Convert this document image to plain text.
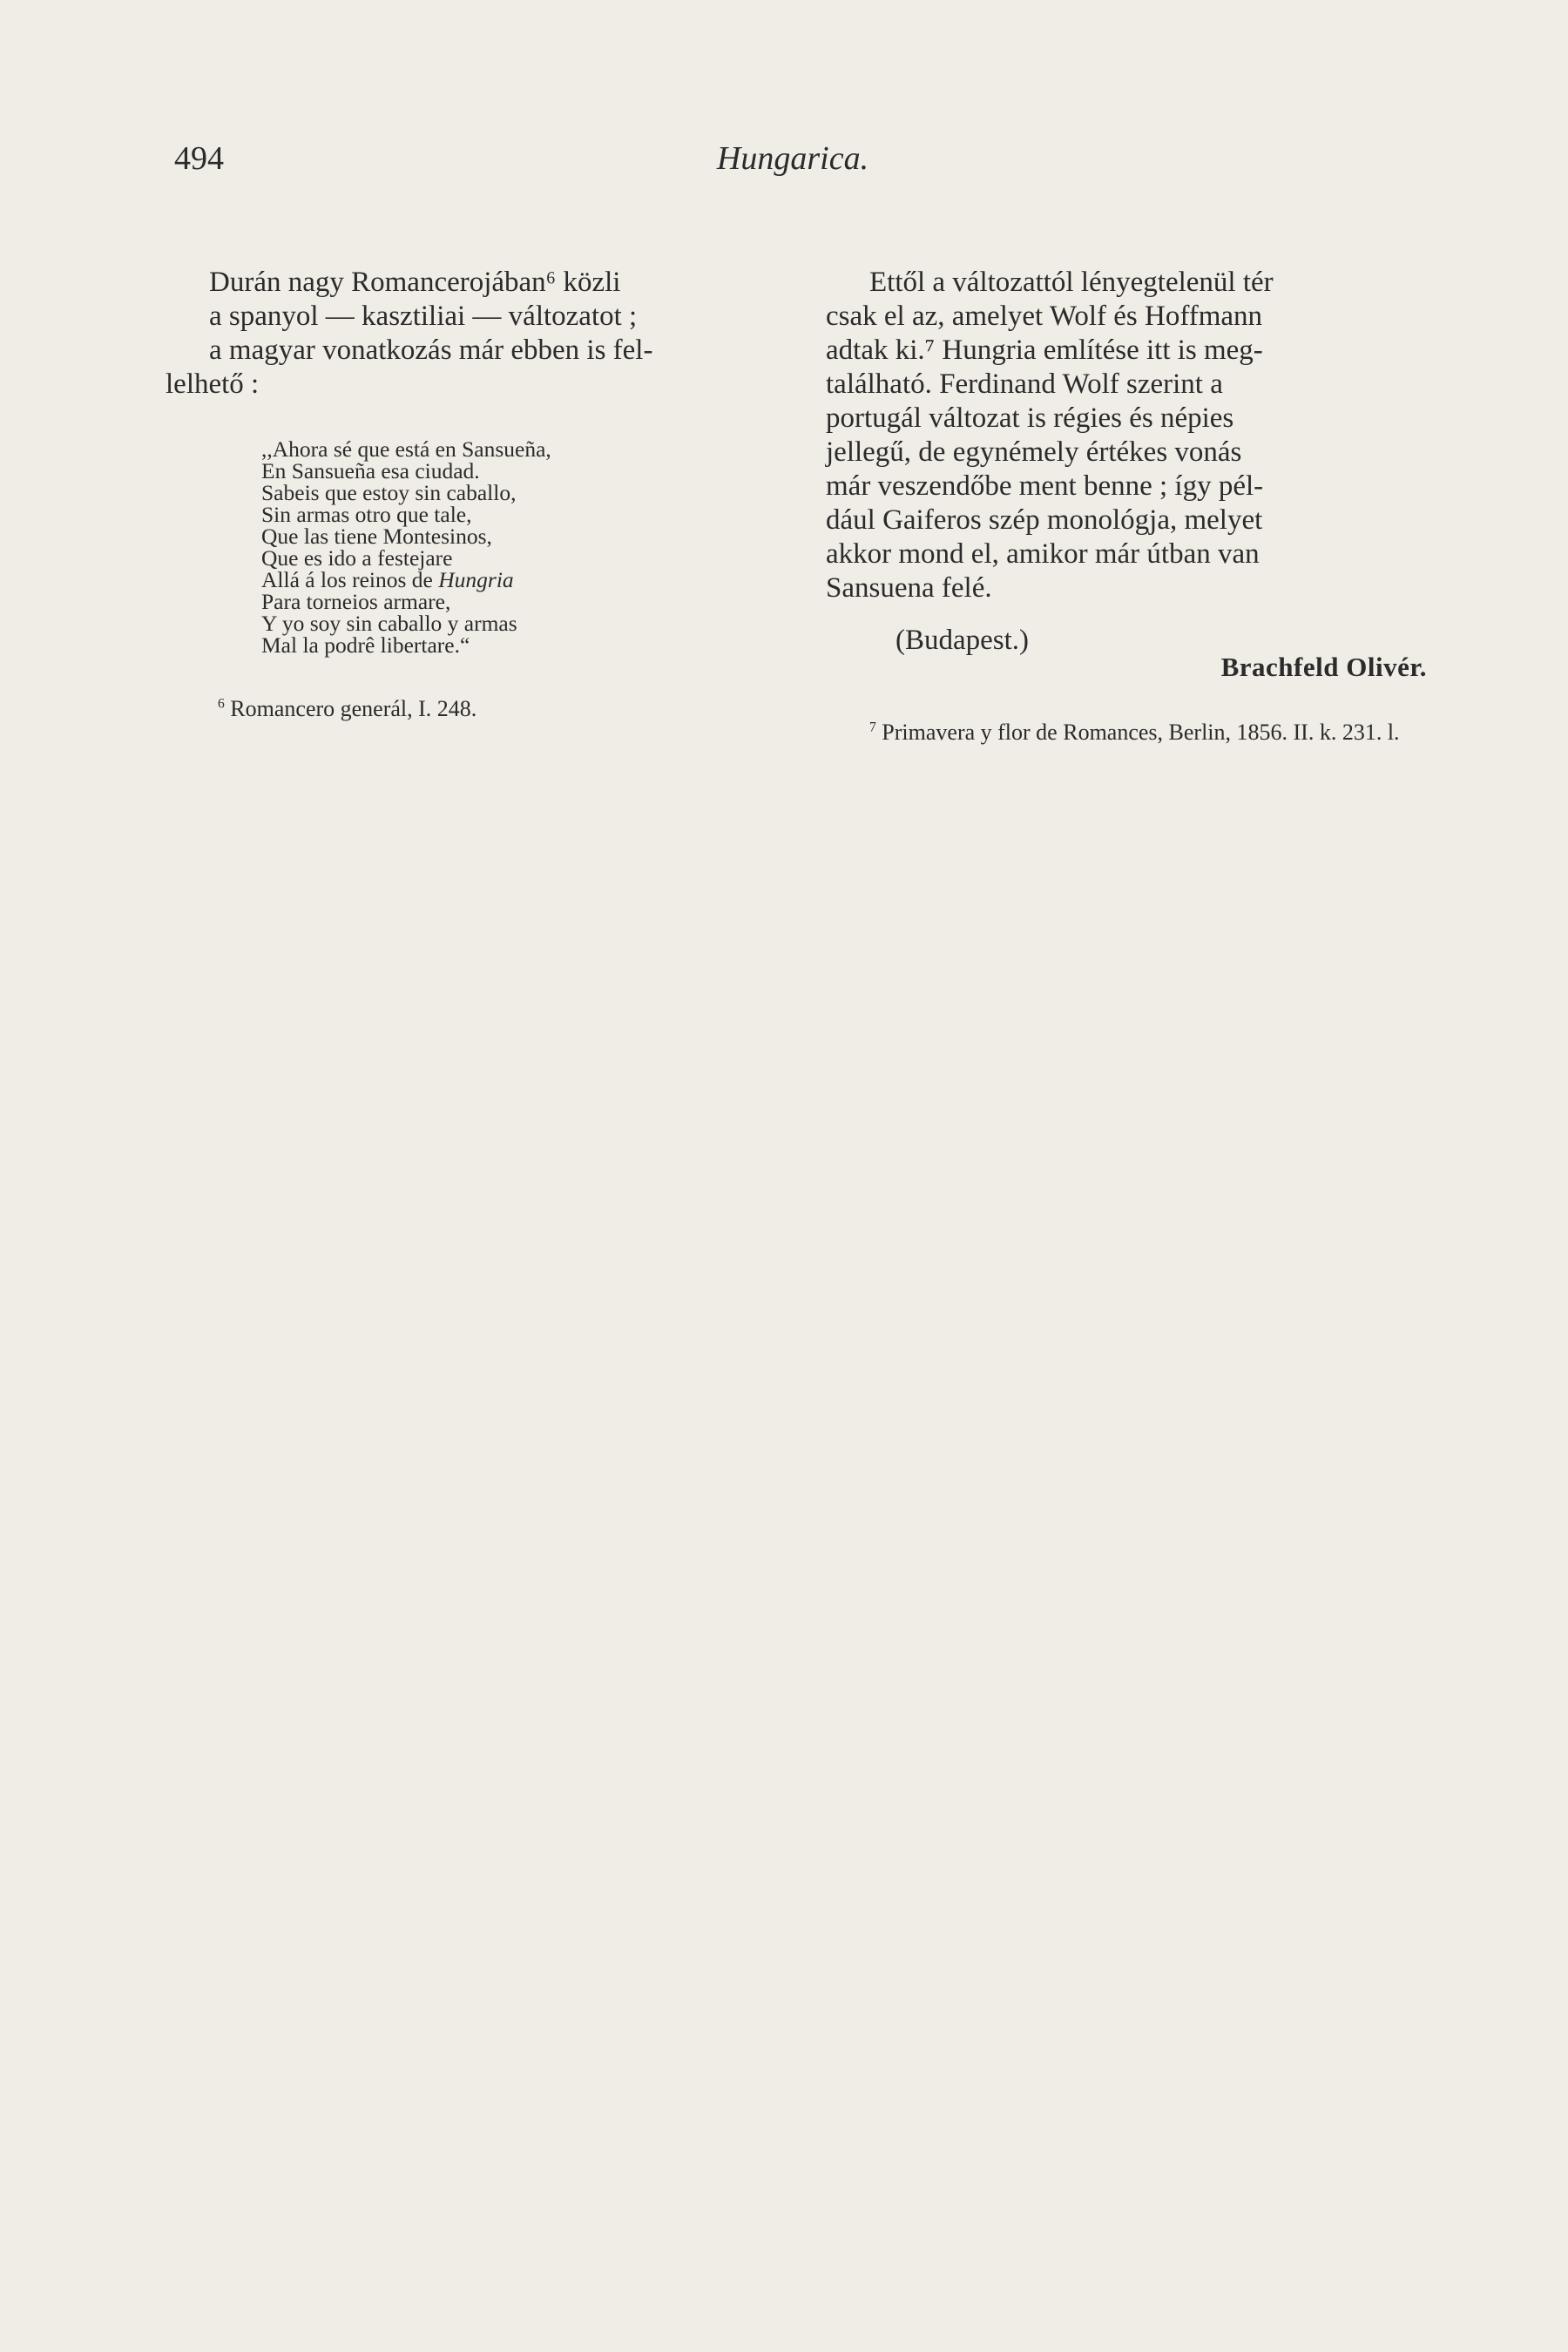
494	Hungarica.

Durán nagy Romancerojában⁶ közli
a spanyol — kasztiliai — változatot ;
a magyar vonatkozás már ebben is fel-
lelhető :

,,Ahora sé que está en Sansueña,
En Sansueña esa ciudad.
Sabeis que estoy sin caballo,
Sin armas otro que tale,
Que las tiene Montesinos,
Que es ido a festejare
Allá á los reinos de Hungria
Para torneios armare,
Y yo soy sin caballo y armas
Mal la podrê libertare.“

$^6$ Romancero generál, I. 248.

Ettől a változattól lényegtelenül tér
csak el az, amelyet Wolf és Hoffmann
adtak ki.⁷ Hungria említése itt is meg-
található. Ferdinand Wolf szerint a
portugál változat is régies és népies
jellegű, de egynémely értékes vonás
már veszendőbe ment benne ; így pél-
dául Gaiferos szép monológja, melyet
akkor mond el, amikor már útban van
Sansuena felé.

(Budapest.)
Brachfeld Olivér.

$^7$ Primavera y flor de Romances, Berlin, 1856. II. k. 231. l.
